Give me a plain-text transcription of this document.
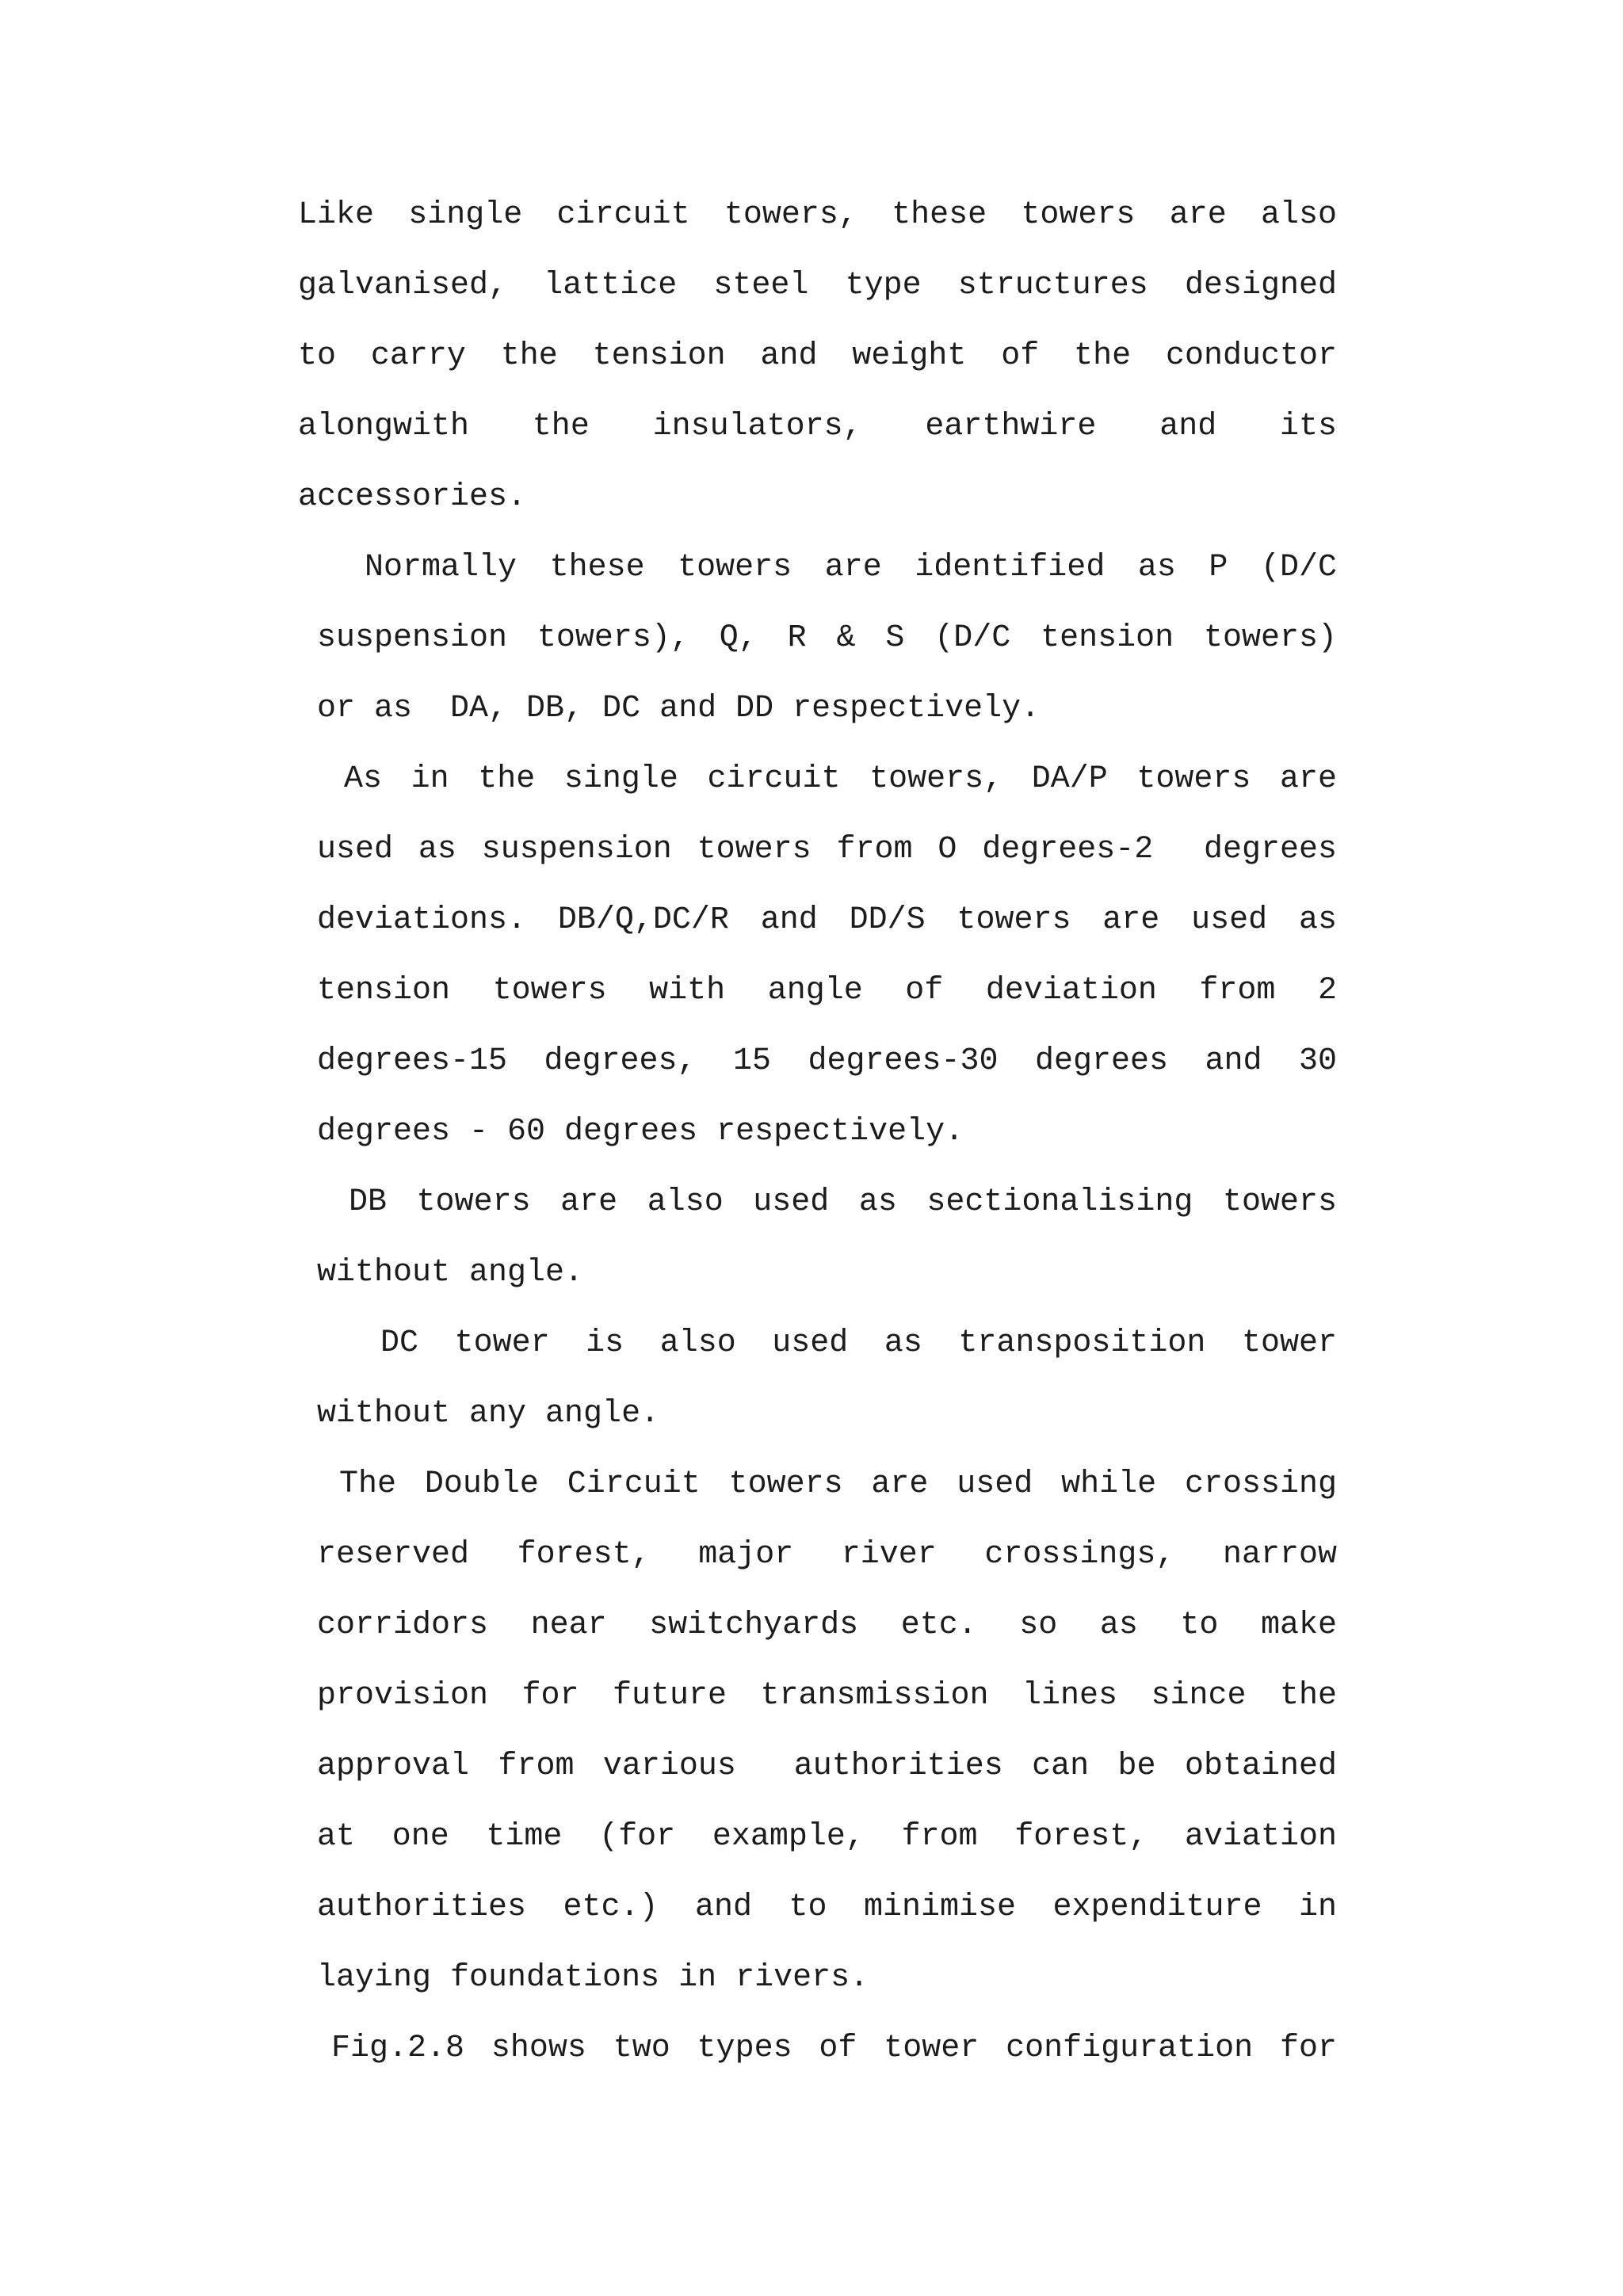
Like single circuit towers, these towers are also
galvanised, lattice steel type structures designed
to carry the tension and weight of the conductor
alongwith the insulators, earthwire and its
accessories.
Normally these towers are identified as P (D/C
suspension towers), Q, R & S (D/C tension towers)
or as  DA, DB, DC and DD respectively.
As in the single circuit towers, DA/P towers are
used as suspension towers from O degrees-2  degrees
deviations. DB/Q,DC/R and DD/S towers are used as
tension towers with angle of deviation from 2
degrees-15 degrees, 15 degrees-30 degrees and 30
degrees - 60 degrees respectively.
DB towers are also used as sectionalising towers
without angle.
DC tower is also used as transposition tower
without any angle.
The Double Circuit towers are used while crossing
reserved forest, major river crossings, narrow
corridors near switchyards etc. so as to make
provision for future transmission lines since the
approval from various  authorities can be obtained
at one time (for example, from forest, aviation
authorities etc.) and to minimise expenditure in
laying foundations in rivers.
Fig.2.8 shows two types of tower configuration for
